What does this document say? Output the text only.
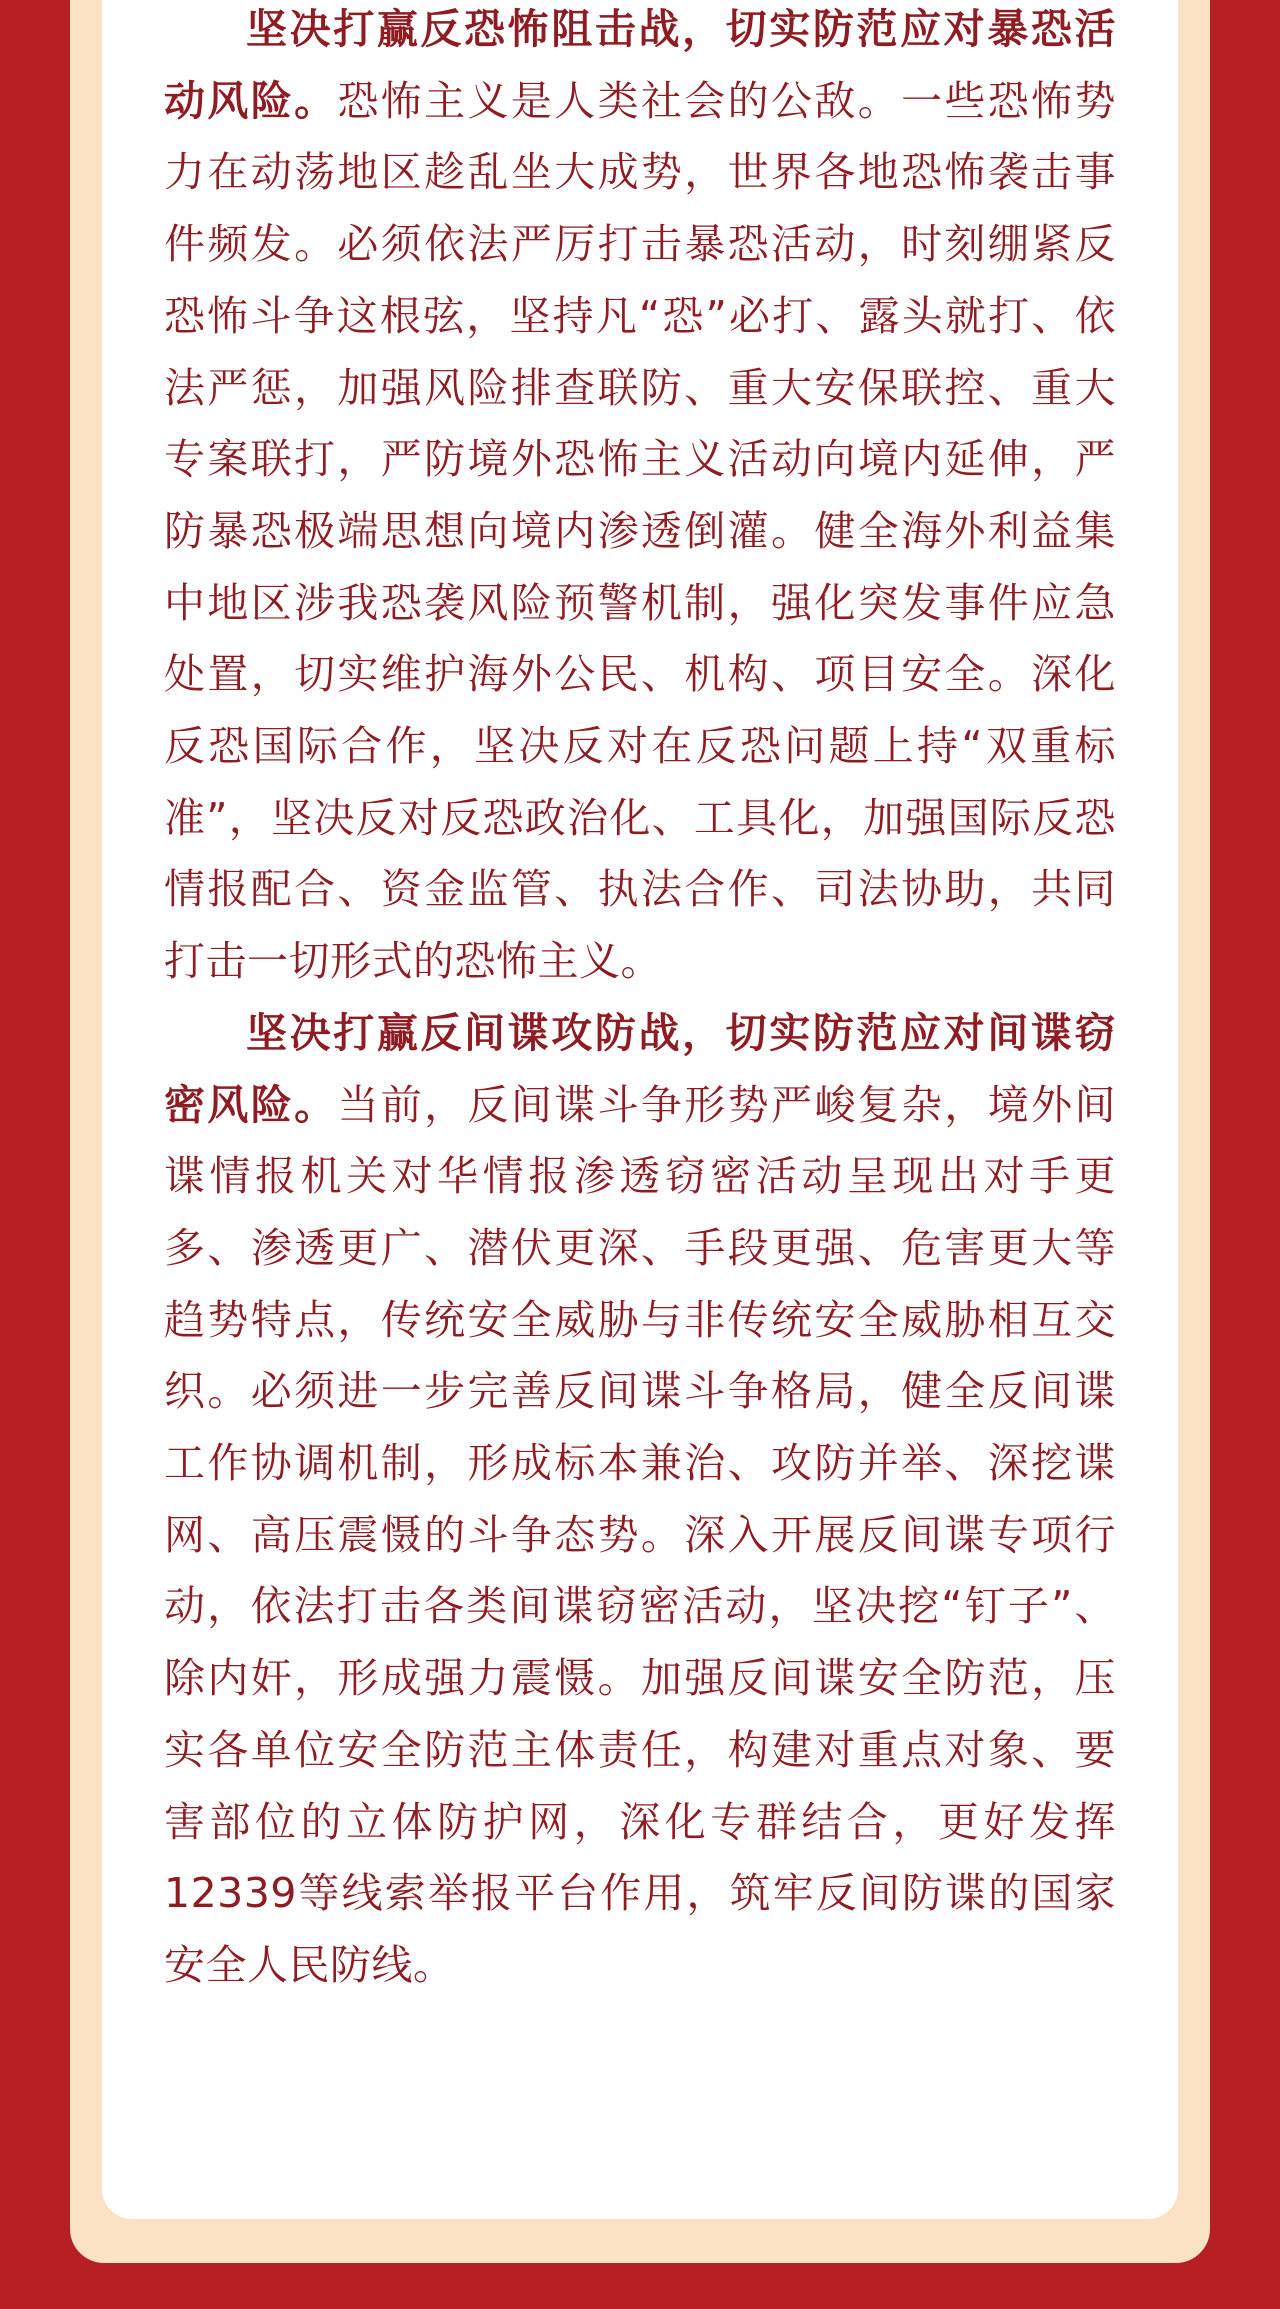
坚决打赢反恐怖阻击战，切实防范应对暴恐活动风险。恐怖主义是人类社会的公敌。一些恐怖势力在动荡地区趁乱坐大成势，世界各地恐怖袭击事件频发。必须依法严厉打击暴恐活动，时刻绷紧反恐怖斗争这根弦，坚持凡“恐”必打、露头就打、依法严惩，加强风险排查联防、重大安保联控、重大专案联打，严防境外恐怖主义活动向境内延伸，严防暴恐极端思想向境内渗透倒灌。健全海外利益集中地区涉我恐袭风险预警机制，强化突发事件应急处置，切实维护海外公民、机构、项目安全。深化反恐国际合作，坚决反对在反恐问题上持“双重标准”，坚决反对反恐政治化、工具化，加强国际反恐情报配合、资金监管、执法合作、司法协助，共同打击一切形式的恐怖主义。

坚决打赢反间谍攻防战，切实防范应对间谍窃密风险。当前，反间谍斗争形势严峻复杂，境外间谍情报机关对华情报渗透窃密活动呈现出对手更多、渗透更广、潜伏更深、手段更强、危害更大等趋势特点，传统安全威胁与非传统安全威胁相互交织。必须进一步完善反间谍斗争格局，健全反间谍工作协调机制，形成标本兼治、攻防并举、深挖谍网、高压震慑的斗争态势。深入开展反间谍专项行动，依法打击各类间谍窃密活动，坚决挖“钉子”、除内奸，形成强力震慑。加强反间谍安全防范，压实各单位安全防范主体责任，构建对重点对象、要害部位的立体防护网，深化专群结合，更好发挥12339等线索举报平台作用，筑牢反间防谍的国家安全人民防线。
